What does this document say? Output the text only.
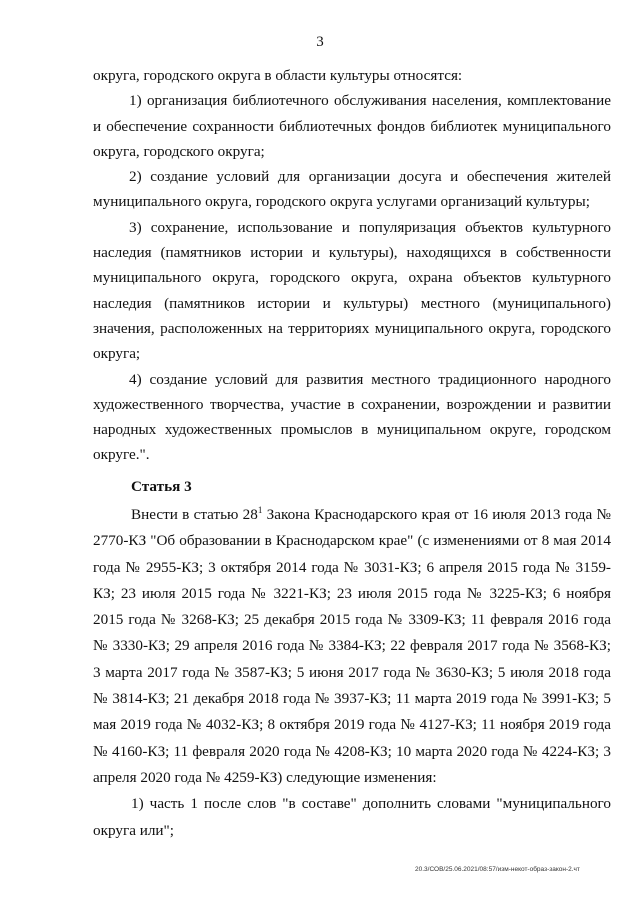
3

округа, городского округа в области культуры относятся:

1) организация библиотечного обслуживания населения, комплектование и обеспечение сохранности библиотечных фондов библиотек муниципального округа, городского округа;

2) создание условий для организации досуга и обеспечения жителей муниципального округа, городского округа услугами организаций культуры;

3) сохранение, использование и популяризация объектов культурного наследия (памятников истории и культуры), находящихся в собственности муниципального округа, городского округа, охрана объектов культурного наследия (памятников истории и культуры) местного (муниципального) значения, расположенных на территориях муниципального округа, городского округа;

4) создание условий для развития местного традиционного народного художественного творчества, участие в сохранении, возрождении и развитии народных художественных промыслов в муниципальном округе, городском округе.".

Статья 3

Внести в статью $28^1$ Закона Краснодарского края от 16 июля 2013 года № 2770-КЗ "Об образовании в Краснодарском крае" (с изменениями от 8 мая 2014 года № 2955-КЗ; 3 октября 2014 года № 3031-КЗ; 6 апреля 2015 года № 3159-КЗ; 23 июля 2015 года № 3221-КЗ; 23 июля 2015 года № 3225-КЗ; 6 ноября 2015 года № 3268-КЗ; 25 декабря 2015 года № 3309-КЗ; 11 февраля 2016 года № 3330-КЗ; 29 апреля 2016 года № 3384-КЗ; 22 февраля 2017 года № 3568-КЗ; 3 марта 2017 года № 3587-КЗ; 5 июня 2017 года № 3630-КЗ; 5 июля 2018 года № 3814-КЗ; 21 декабря 2018 года № 3937-КЗ; 11 марта 2019 года № 3991-КЗ; 5 мая 2019 года № 4032-КЗ; 8 октября 2019 года № 4127-КЗ; 11 ноября 2019 года № 4160-КЗ; 11 февраля 2020 года № 4208-КЗ; 10 марта 2020 года № 4224-КЗ; 3 апреля 2020 года № 4259-КЗ) следующие изменения:

1) часть 1 после слов "в составе" дополнить словами "муниципального округа или";

20.3/СОВ/25.06.2021/08:57/изм-некот-образ-закон-2.чт
